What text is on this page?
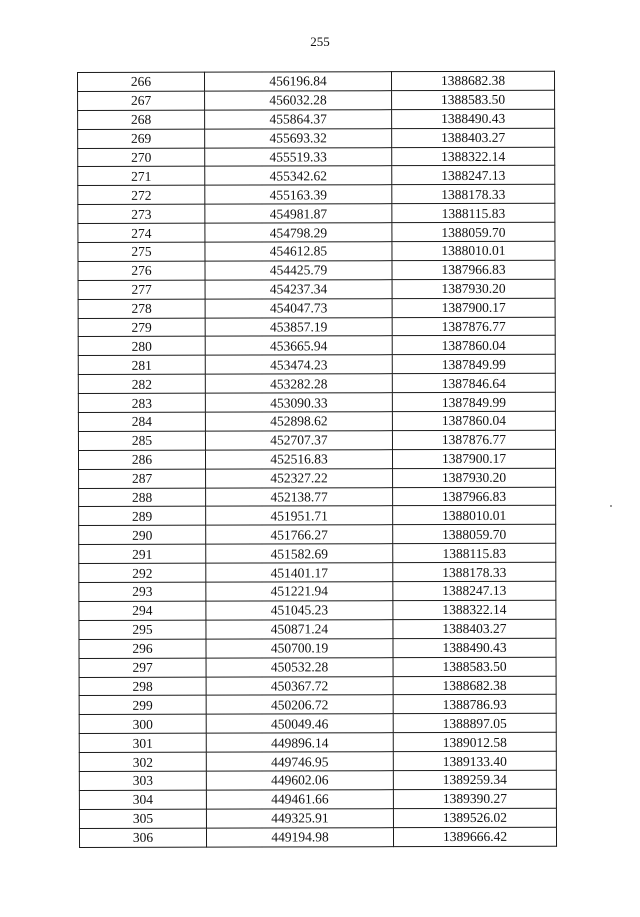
255
266	456196.84	1388682.38
267	456032.28	1388583.50
268	455864.37	1388490.43
269	455693.32	1388403.27
270	455519.33	1388322.14
271	455342.62	1388247.13
272	455163.39	1388178.33
273	454981.87	1388115.83
274	454798.29	1388059.70
275	454612.85	1388010.01
276	454425.79	1387966.83
277	454237.34	1387930.20
278	454047.73	1387900.17
279	453857.19	1387876.77
280	453665.94	1387860.04
281	453474.23	1387849.99
282	453282.28	1387846.64
283	453090.33	1387849.99
284	452898.62	1387860.04
285	452707.37	1387876.77
286	452516.83	1387900.17
287	452327.22	1387930.20
288	452138.77	1387966.83
289	451951.71	1388010.01
290	451766.27	1388059.70
291	451582.69	1388115.83
292	451401.17	1388178.33
293	451221.94	1388247.13
294	451045.23	1388322.14
295	450871.24	1388403.27
296	450700.19	1388490.43
297	450532.28	1388583.50
298	450367.72	1388682.38
299	450206.72	1388786.93
300	450049.46	1388897.05
301	449896.14	1389012.58
302	449746.95	1389133.40
303	449602.06	1389259.34
304	449461.66	1389390.27
305	449325.91	1389526.02
306	449194.98	1389666.42
